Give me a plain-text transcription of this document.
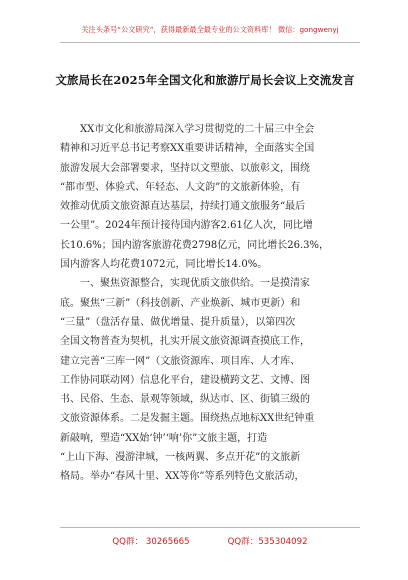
关注头条号“公文研究”，获得最新最全最专业的公文资料库！ 微信：gongwenyj
文旅局长在2025年全国文化和旅游厅局长会议上交流发言

　　XX市文化和旅游局深入学习贯彻党的二十届三中全会
精神和习近平总书记考察XX重要讲话精神，全面落实全国
旅游发展大会部署要求，坚持以文塑旅、以旅彰文，围绕
“都市型、体验式、年轻态、人文韵”的文旅新体验，有
效推动优质文旅资源直达基层，持续打通文旅服务“最后
一公里”。2024年预计接待国内游客2.61亿人次，同比增
长10.6%；国内游客旅游花费2798亿元，同比增长26.3%，
国内游客人均花费1072元，同比增长14.0%。

　　一、聚焦资源整合，实现优质文旅供给。一是摸清家
底。聚焦“三新”（科技创新、产业焕新、城市更新）和
“三量”（盘活存量、做优增量、提升质量），以第四次
全国文物普查为契机，扎实开展文旅资源调查摸底工作，
建立完善“三库一网”（文旅资源库、项目库、人才库、
工作协同联动网）信息化平台，建设横跨文艺、文博、图
书、民俗、生态、景观等领域，纵达市、区、街镇三级的
文旅资源体系。二是发掘主题。围绕热点地标XX世纪钟重
新敲响，塑造“XX始‘钟’‘响’你”文旅主题，打造
“上山下海、漫游津城，一核两翼、多点开花”的文旅新
格局。举办“春风十里、XX等你”等系列特色文旅活动，

QQ群： 30265665	QQ群：535304092
